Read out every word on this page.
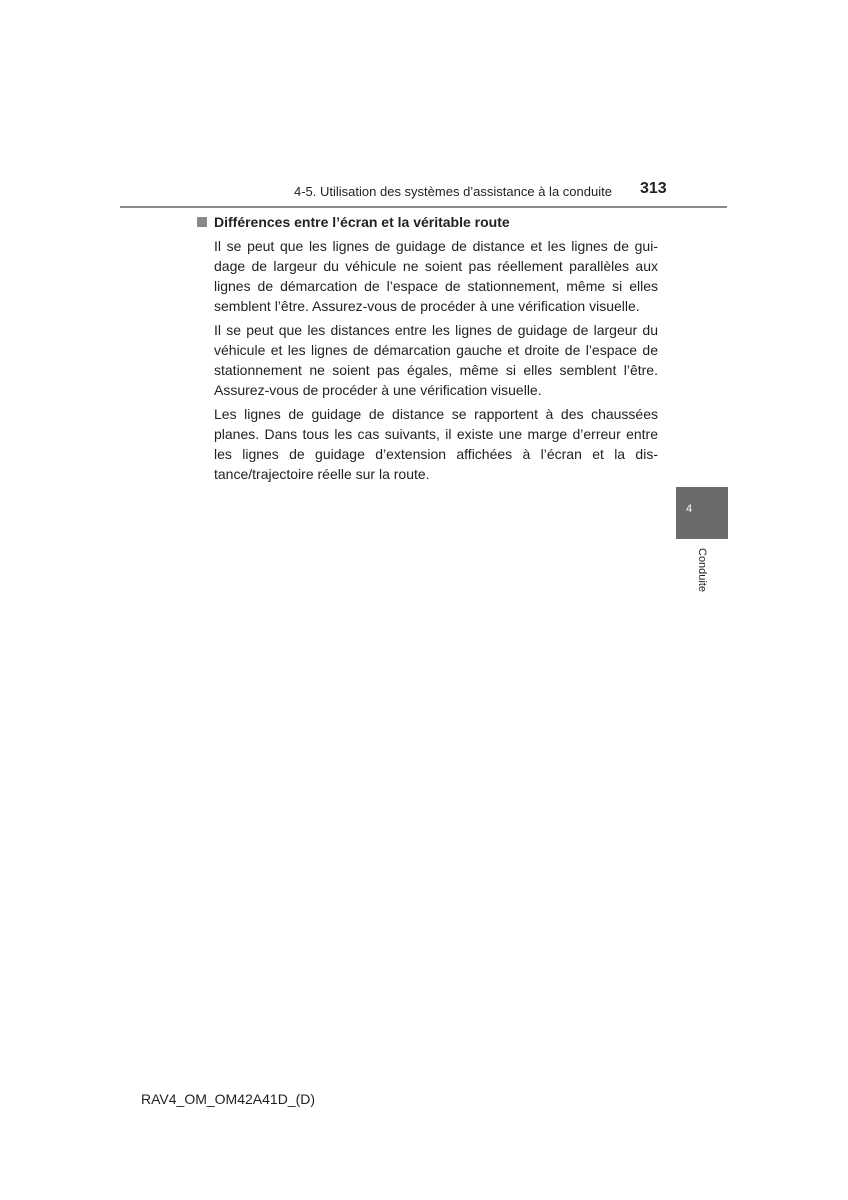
4-5. Utilisation des systèmes d’assistance à la conduite 313
Différences entre l’écran et la véritable route

Il se peut que les lignes de guidage de distance et les lignes de gui-dage de largeur du véhicule ne soient pas réellement parallèles aux lignes de démarcation de l’espace de stationnement, même si elles semblent l’être. Assurez-vous de procéder à une vérification visuelle.

Il se peut que les distances entre les lignes de guidage de largeur du véhicule et les lignes de démarcation gauche et droite de l’espace de stationnement ne soient pas égales, même si elles semblent l’être. Assurez-vous de procéder à une vérification visuelle.

Les lignes de guidage de distance se rapportent à des chaussées planes. Dans tous les cas suivants, il existe une marge d’erreur entre les lignes de guidage d’extension affichées à l’écran et la dis-tance/trajectoire réelle sur la route.

4
Conduite
RAV4_OM_OM42A41D_(D)
